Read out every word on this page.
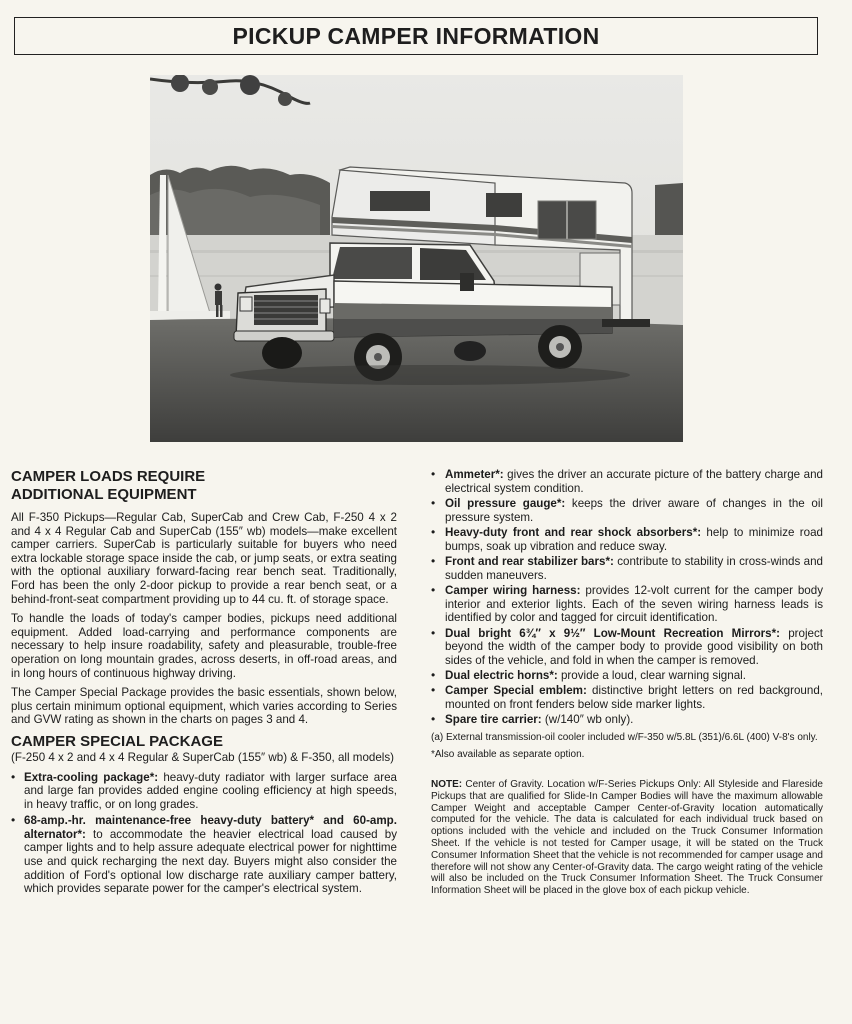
PICKUP CAMPER INFORMATION
CAMPER LOADS REQUIRE
ADDITIONAL EQUIPMENT

All F-350 Pickups—Regular Cab, SuperCab and Crew Cab, F-250 4 x 2 and 4 x 4 Regular Cab and SuperCab (155″ wb) models—make excellent camper carriers. SuperCab is particularly suitable for buyers who need extra lockable storage space inside the cab, or jump seats, or extra seating with the optional auxiliary forward-facing rear bench seat. Traditionally, Ford has been the only 2-door pickup to provide a rear bench seat, or a behind-front-seat compartment providing up to 44 cu. ft. of storage space.

To handle the loads of today's camper bodies, pickups need additional equipment. Added load-carrying and performance components are necessary to help insure roadability, safety and pleasurable, trouble-free operation on long mountain grades, across deserts, in off-road areas, and in long hours of continuous highway driving.

The Camper Special Package provides the basic essentials, shown below, plus certain minimum optional equipment, which varies according to Series and GVW rating as shown in the charts on pages 3 and 4.

CAMPER SPECIAL PACKAGE
(F-250 4 x 2 and 4 x 4 Regular & SuperCab (155″ wb) & F-350, all models)
• Extra-cooling package*: heavy-duty radiator with larger surface area and large fan provides added engine cooling efficiency at high speeds, in heavy traffic, or on long grades.
• 68-amp.-hr. maintenance-free heavy-duty battery* and 60-amp. alternator*: to accommodate the heavier electrical load caused by camper lights and to help assure adequate electrical power for nighttime use and quick recharging the next day. Buyers might also consider the addition of Ford's optional low discharge rate auxiliary camper battery, which provides separate power for the camper's electrical system.
• Ammeter*: gives the driver an accurate picture of the battery charge and electrical system condition.
• Oil pressure gauge*: keeps the driver aware of changes in the oil pressure system.
• Heavy-duty front and rear shock absorbers*: help to minimize road bumps, soak up vibration and reduce sway.
• Front and rear stabilizer bars*: contribute to stability in cross-winds and sudden maneuvers.
• Camper wiring harness: provides 12-volt current for the camper body interior and exterior lights. Each of the seven wiring harness leads is identified by color and tagged for circuit identification.
• Dual bright 6¾″ x 9½″ Low-Mount Recreation Mirrors*: project beyond the width of the camper body to provide good visibility on both sides of the vehicle, and fold in when the camper is removed.
• Dual electric horns*: provide a loud, clear warning signal.
• Camper Special emblem: distinctive bright letters on red background, mounted on front fenders below side marker lights.
• Spare tire carrier: (w/140″ wb only).
(a) External transmission-oil cooler included w/F-350 w/5.8L (351)/6.6L (400) V-8's only.
*Also available as separate option.
NOTE: Center of Gravity. Location w/F-Series Pickups Only: All Styleside and Flareside Pickups that are qualified for Slide-In Camper Bodies will have the maximum allowable Camper Weight and acceptable Camper Center-of-Gravity location automatically computed for the vehicle. The data is calculated for each individual truck based on options included with the vehicle and included on the Truck Consumer Information Sheet. If the vehicle is not tested for Camper usage, it will be stated on the Truck Consumer Information Sheet that the vehicle is not recommended for camper usage and therefore will not show any Center-of-Gravity data. The cargo weight rating of the vehicle will also be included on the Truck Consumer Information Sheet. The Truck Consumer Information Sheet will be placed in the glove box of each pickup vehicle.
